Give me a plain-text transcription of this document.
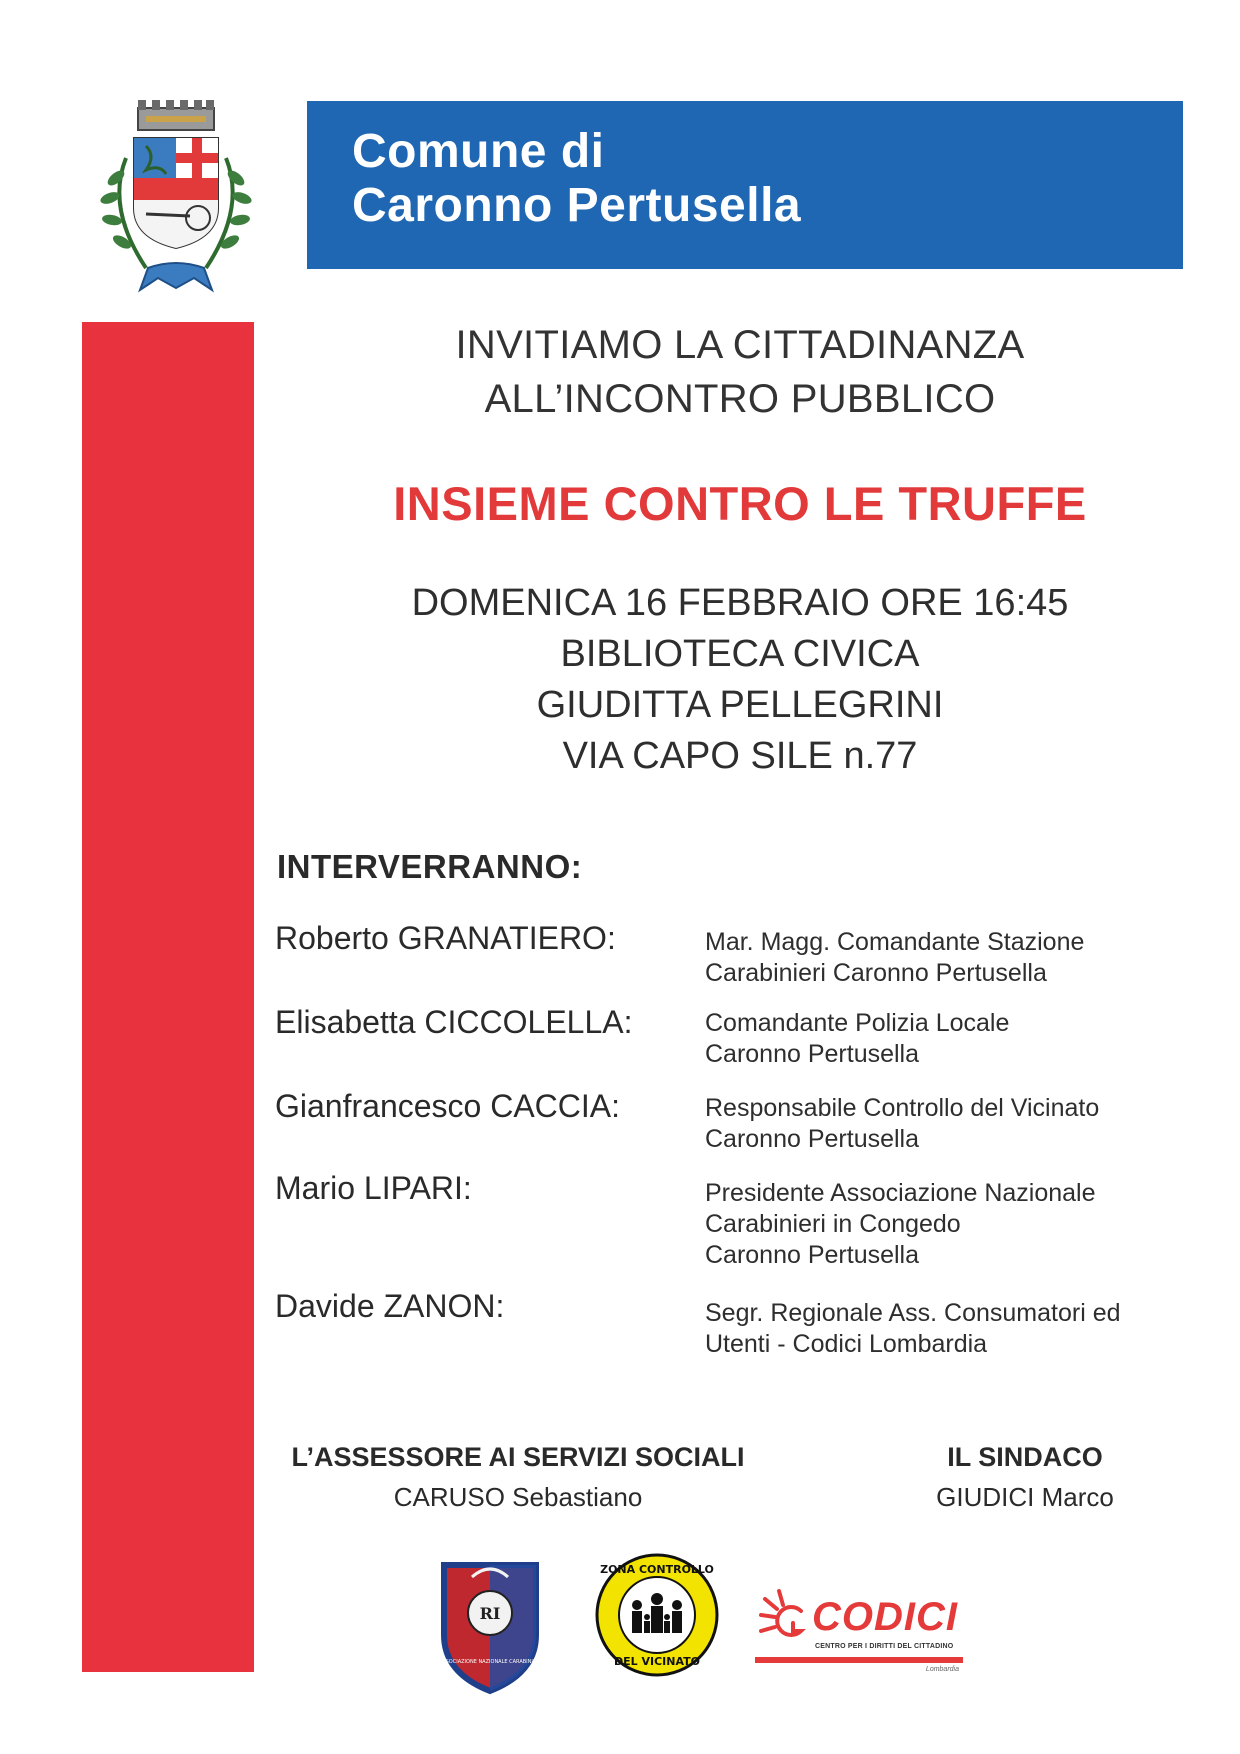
Comune di
Caronno Pertusella
INVITIAMO LA CITTADINANZA
ALL’INCONTRO PUBBLICO
INSIEME CONTRO LE TRUFFE
DOMENICA 16 FEBBRAIO ORE 16:45
BIBLIOTECA CIVICA
GIUDITTA PELLEGRINI
VIA CAPO SILE n.77
INTERVERRANNO:
Roberto GRANATIERO:	Mar. Magg. Comandante Stazione
Carabinieri Caronno Pertusella
Elisabetta CICCOLELLA:	Comandante Polizia Locale
Caronno Pertusella
Gianfrancesco CACCIA:	Responsabile Controllo del Vicinato
Caronno Pertusella
Mario LIPARI:	Presidente Associazione Nazionale
Carabinieri in Congedo
Caronno Pertusella
Davide ZANON:	Segr. Regionale Ass. Consumatori ed
Utenti - Codici Lombardia
L’ASSESSORE AI SERVIZI SOCIALI
CARUSO Sebastiano
IL SINDACO
GIUDICI Marco
RI
ASSOCIAZIONE NAZIONALE CARABINIERI
ZONA CONTROLLO
DEL VICINATO
CODICI
CENTRO PER I DIRITTI DEL CITTADINO
Lombardia
